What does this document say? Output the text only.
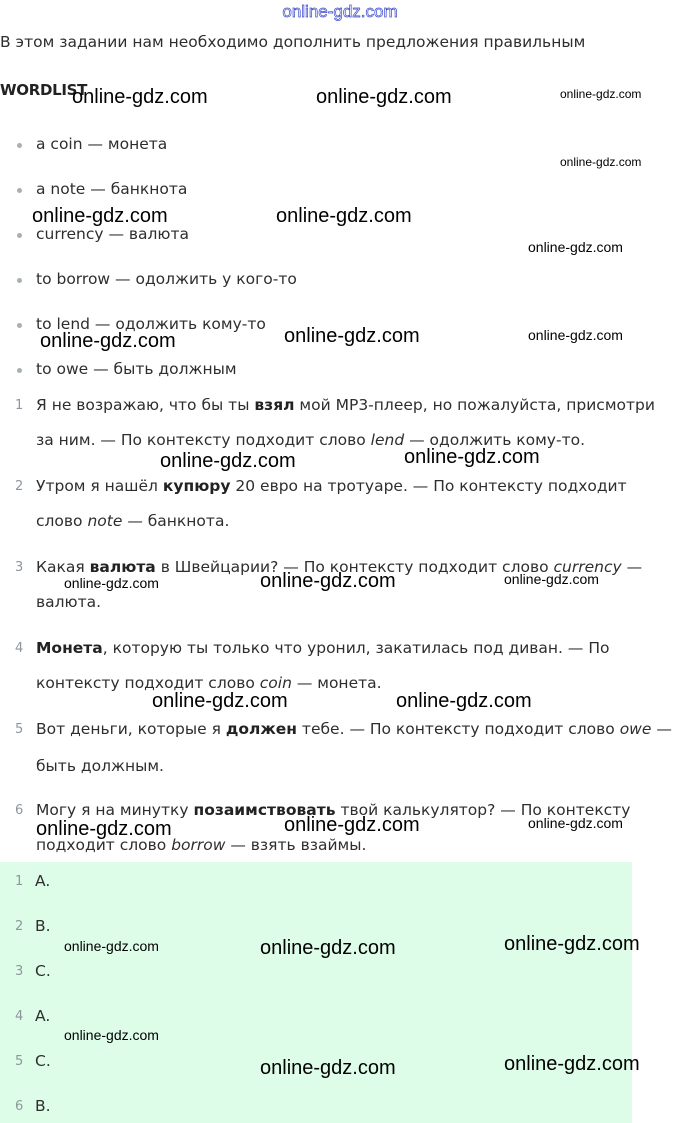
online-gdz.com
В этом задании нам необходимо дополнить предложения правильным
WORDLIST
a coin — монета
a note — банкнота
currency — валюта
to borrow — одолжить у кого-то
to lend — одолжить кому-то
to owe — быть должным
1 Я не возражаю, что бы ты взял мой MP3-плеер, но пожалуйста, присмотри
за ним. — По контексту подходит слово lend — одолжить кому-то.
2 Утром я нашёл купюру 20 евро на тротуаре. — По контексту подходит
слово note — банкнота.
3 Какая валюта в Швейцарии? — По контексту подходит слово currency —
валюта.
4 Монета, которую ты только что уронил, закатилась под диван. — По
контексту подходит слово coin — монета.
5 Вот деньги, которые я должен тебе. — По контексту подходит слово owe —
быть должным.
6 Могу я на минутку позаимствовать твой калькулятор? — По контексту
подходит слово borrow — взять взаймы.
1 A.
2 B.
3 C.
4 A.
5 C.
6 B.
online-gdz.com	online-gdz.com	online-gdz.com
online-gdz.com
online-gdz.com	online-gdz.com
online-gdz.com
online-gdz.com	online-gdz.com	online-gdz.com
online-gdz.com	online-gdz.com
online-gdz.com	online-gdz.com	online-gdz.com
online-gdz.com	online-gdz.com
online-gdz.com	online-gdz.com	online-gdz.com
online-gdz.com	online-gdz.com	online-gdz.com
online-gdz.com
online-gdz.com	online-gdz.com
